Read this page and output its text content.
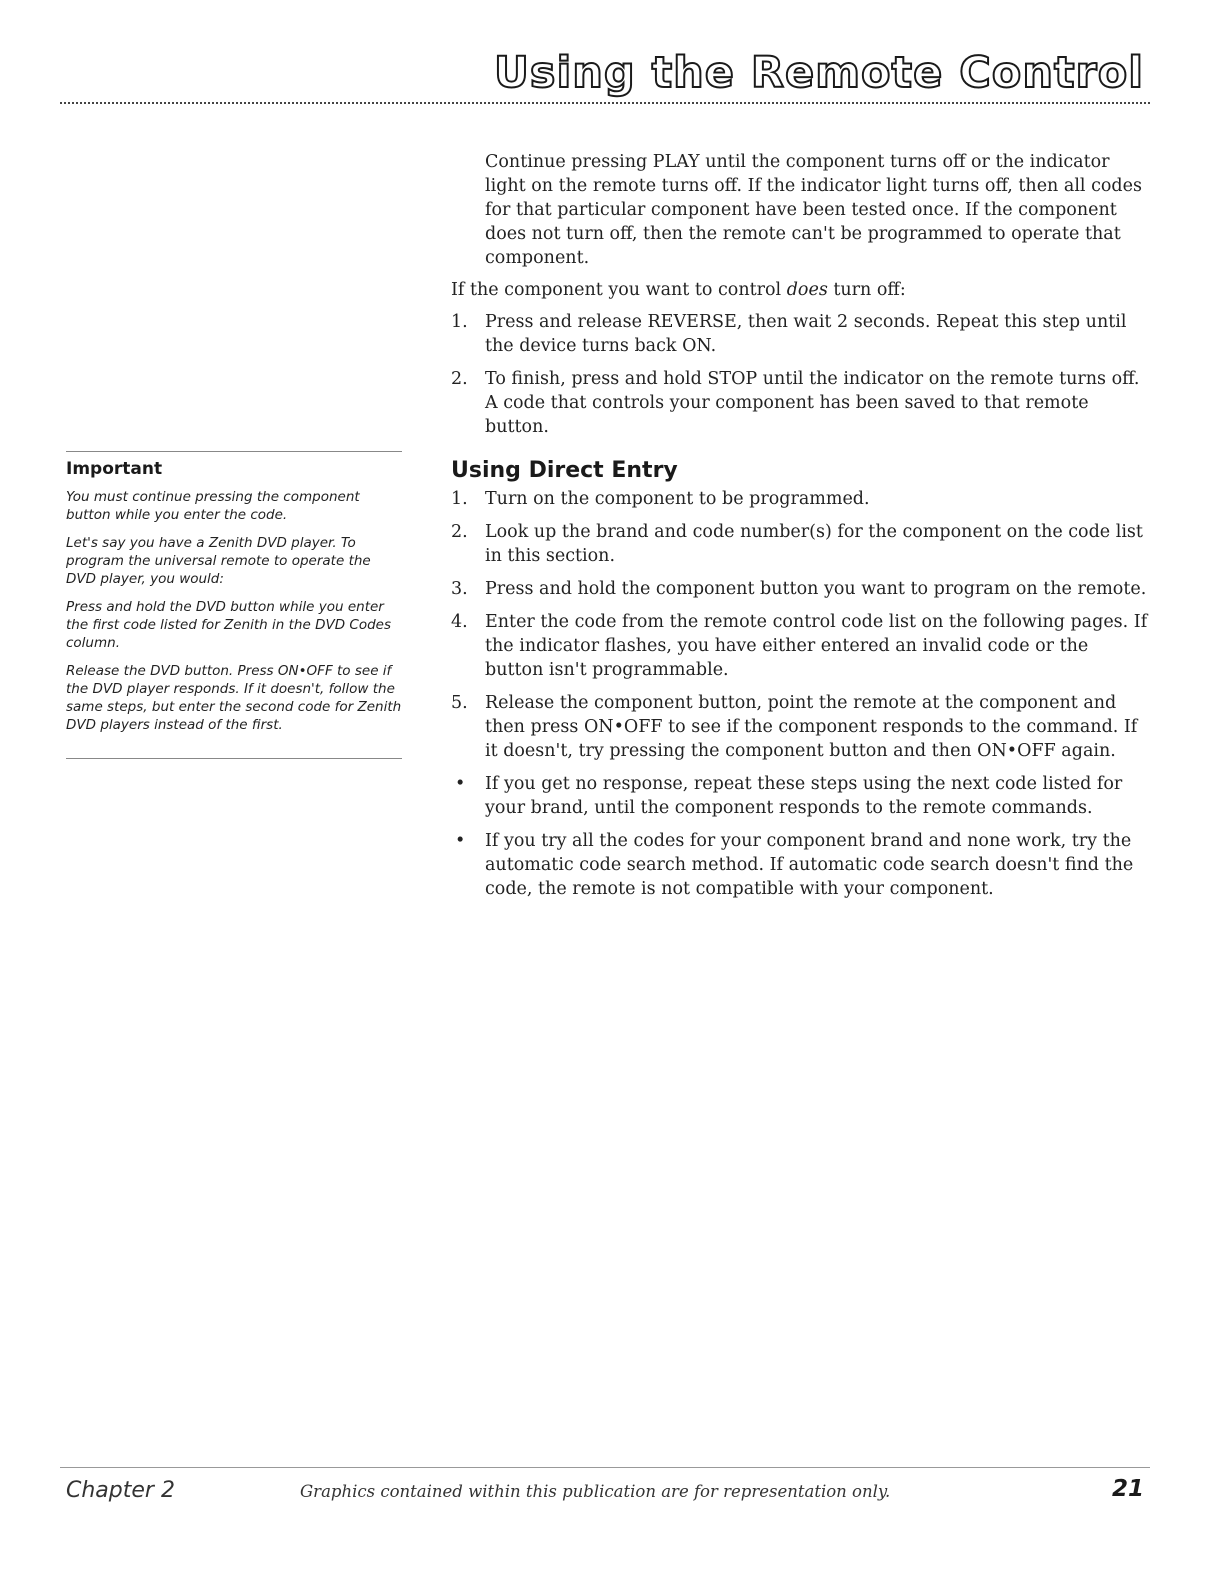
Using the Remote Control

Continue pressing PLAY until the component turns off or the indicator light on the remote turns off. If the indicator light turns off, then all codes for that particular component have been tested once. If the component does not turn off, then the remote can't be programmed to operate that component.

If the component you want to control does turn off:

1. Press and release REVERSE, then wait 2 seconds. Repeat this step until the device turns back ON.
2. To finish, press and hold STOP until the indicator on the remote turns off. A code that controls your component has been saved to that remote button.
Using Direct Entry
1. Turn on the component to be programmed.
2. Look up the brand and code number(s) for the component on the code list in this section.
3. Press and hold the component button you want to program on the remote.
4. Enter the code from the remote control code list on the following pages. If the indicator flashes, you have either entered an invalid code or the button isn't programmable.
5. Release the component button, point the remote at the component and then press ON•OFF to see if the component responds to the command. If it doesn't, try pressing the component button and then ON•OFF again.
• If you get no response, repeat these steps using the next code listed for your brand, until the component responds to the remote commands.
• If you try all the codes for your component brand and none work, try the automatic code search method. If automatic code search doesn't find the code, the remote is not compatible with your component.
Important

You must continue pressing the component button while you enter the code.

Let's say you have a Zenith DVD player. To program the universal remote to operate the DVD player, you would:

Press and hold the DVD button while you enter the first code listed for Zenith in the DVD Codes column.

Release the DVD button. Press ON•OFF to see if the DVD player responds. If it doesn't, follow the same steps, but enter the second code for Zenith DVD players instead of the first.

Chapter 2	Graphics contained within this publication are for representation only.	21
